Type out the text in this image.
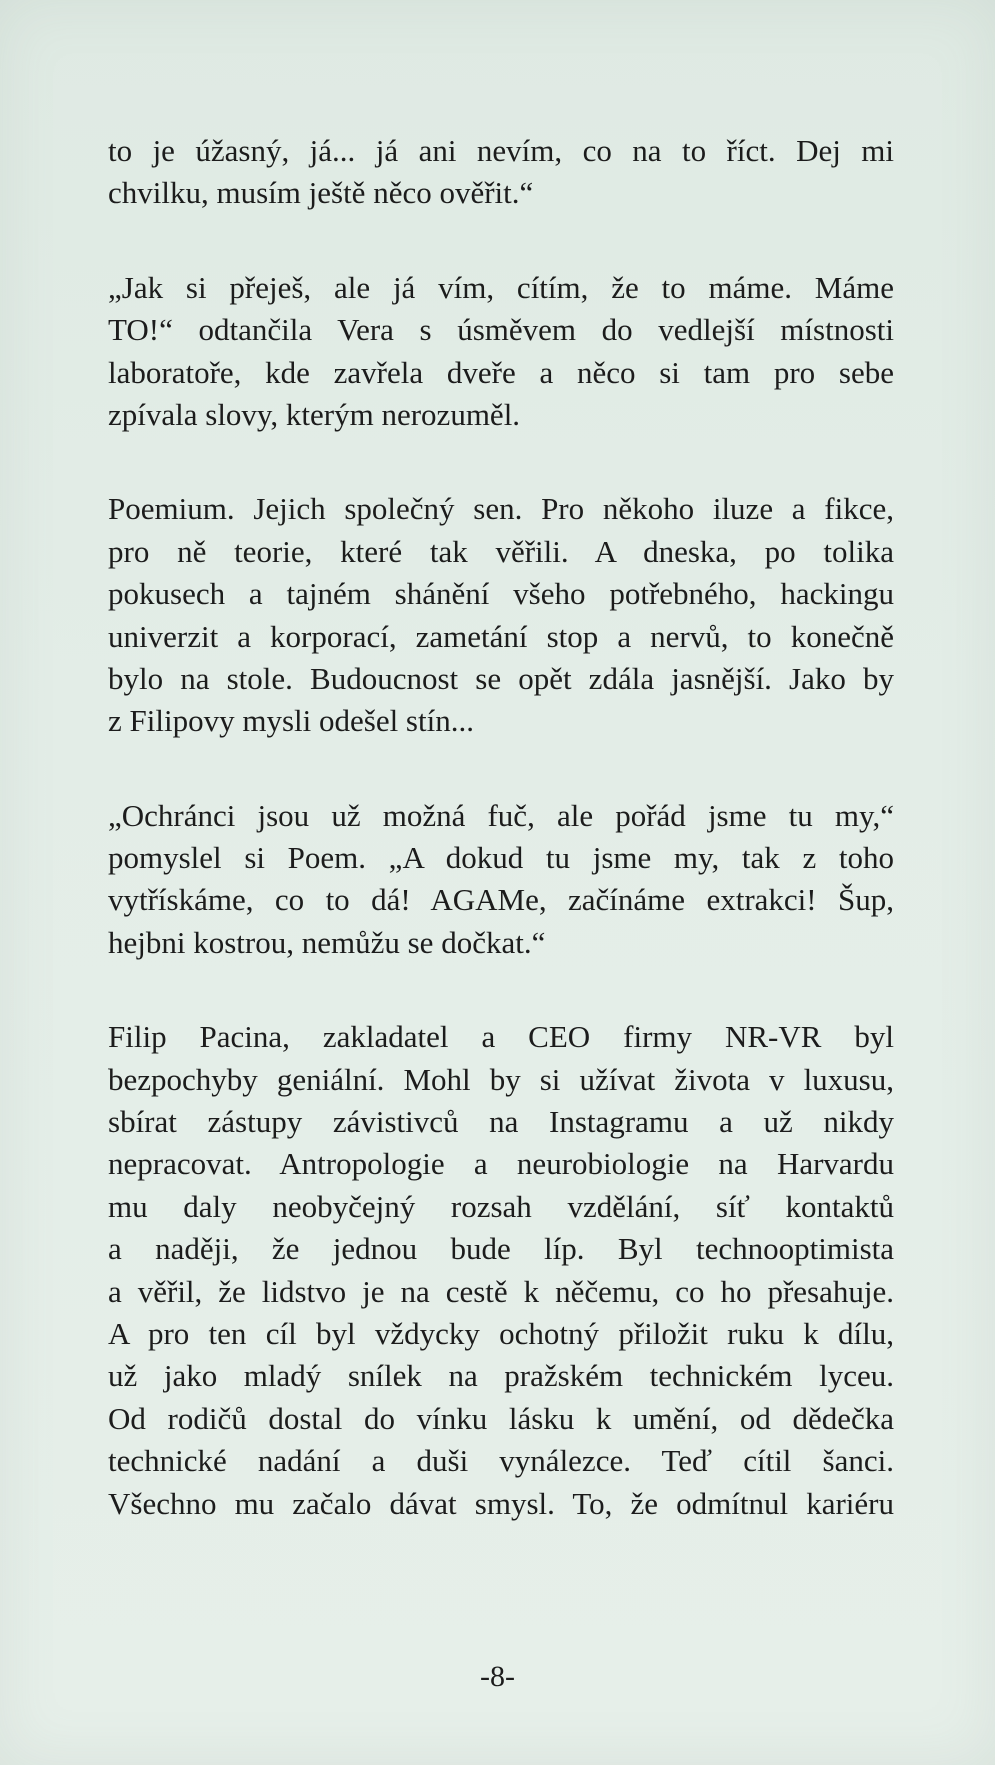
to je úžasný, já... já ani nevím, co na to říct. Dej mi
chvilku, musím ještě něco ověřit.“
„Jak si přeješ, ale já vím, cítím, že to máme. Máme
TO!“ odtančila Vera s úsměvem do vedlejší místnosti
laboratoře, kde zavřela dveře a něco si tam pro sebe
zpívala slovy, kterým nerozuměl.
Poemium. Jejich společný sen. Pro někoho iluze a fikce,
pro ně teorie, které tak věřili. A dneska, po tolika
pokusech a tajném shánění všeho potřebného, hackingu
univerzit a korporací, zametání stop a nervů, to konečně
bylo na stole. Budoucnost se opět zdála jasnější. Jako by
z Filipovy mysli odešel stín...
„Ochránci jsou už možná fuč, ale pořád jsme tu my,“
pomyslel si Poem. „A dokud tu jsme my, tak z toho
vytřískáme, co to dá! AGAMe, začínáme extrakci! Šup,
hejbni kostrou, nemůžu se dočkat.“
Filip Pacina, zakladatel a CEO firmy NR-VR byl
bezpochyby geniální. Mohl by si užívat života v luxusu,
sbírat zástupy závistivců na Instagramu a už nikdy
nepracovat. Antropologie a neurobiologie na Harvardu
mu daly neobyčejný rozsah vzdělání, síť kontaktů
a naději, že jednou bude líp. Byl technooptimista
a věřil, že lidstvo je na cestě k něčemu, co ho přesahuje.
A pro ten cíl byl vždycky ochotný přiložit ruku k dílu,
už jako mladý snílek na pražském technickém lyceu.
Od rodičů dostal do vínku lásku k umění, od dědečka
technické nadání a duši vynálezce. Teď cítil šanci.
Všechno mu začalo dávat smysl. To, že odmítnul kariéru
-8-
